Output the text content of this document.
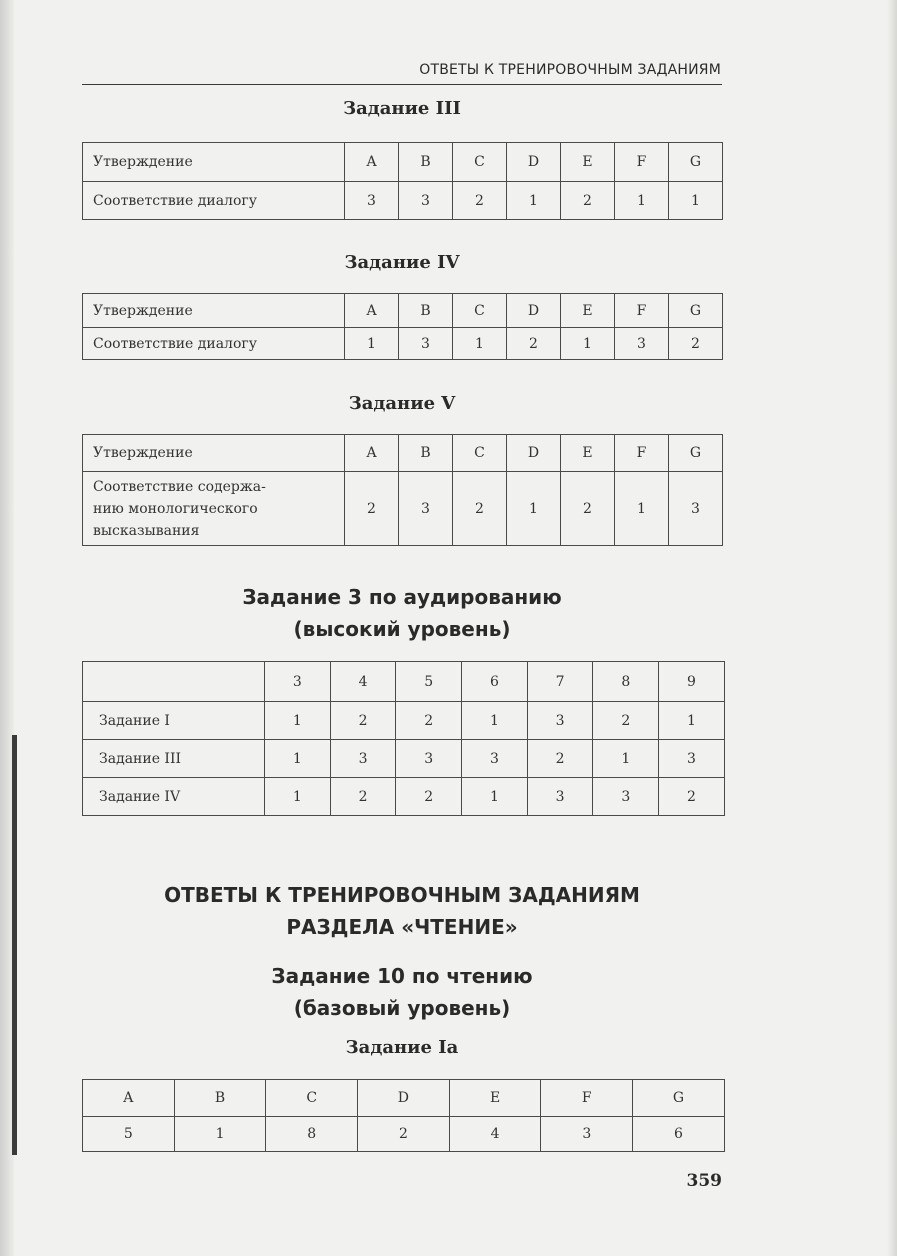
ОТВЕТЫ К ТРЕНИРОВОЧНЫМ ЗАДАНИЯМ
Задание III
Утверждение	A	B	C	D	E	F	G
Соответствие диалогу	3	3	2	1	2	1	1
Задание IV
Утверждение	A	B	C	D	E	F	G
Соответствие диалогу	1	3	1	2	1	3	2
Задание V
Утверждение	A	B	C	D	E	F	G

Соответствие содержа-
нию монологического
высказывания	2	3	2	1	2	1	3
Задание 3 по аудированию
(высокий уровень)
	3	4	5	6	7	8	9
Задание I	1	2	2	1	3	2	1
Задание III	1	3	3	3	2	1	3
Задание IV	1	2	2	1	3	3	2
ОТВЕТЫ К ТРЕНИРОВОЧНЫМ ЗАДАНИЯМ
РАЗДЕЛА «ЧТЕНИЕ»
Задание 10 по чтению
(базовый уровень)
Задание Ia
A	B	C	D	E	F	G
5	1	8	2	4	3	6
359
